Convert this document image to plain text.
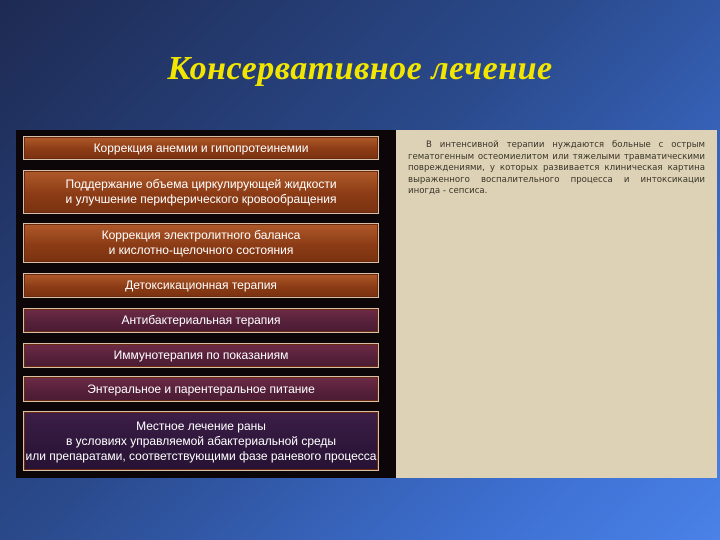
Консервативное лечение
Коррекция анемии и гипопротеинемии
Поддержание объема циркулирующей жидкости
и улучшение периферического кровообращения
Коррекция электролитного баланса
и кислотно-щелочного состояния
Детоксикационная терапия
Антибактериальная терапия
Иммунотерапия по показаниям
Энтеральное и парентеральное питание
Местное лечение раны
в условиях управляемой абактериальной среды
или препаратами, соответствующими фазе раневого процесса

В интенсивной терапии нуждаются больные с острым гематогенным остеомиелитом или тяжелыми травматическими повреждениями, у которых развивается клиническая картина выраженного воспалительного процесса и интоксикации иногда - сепсиса.
